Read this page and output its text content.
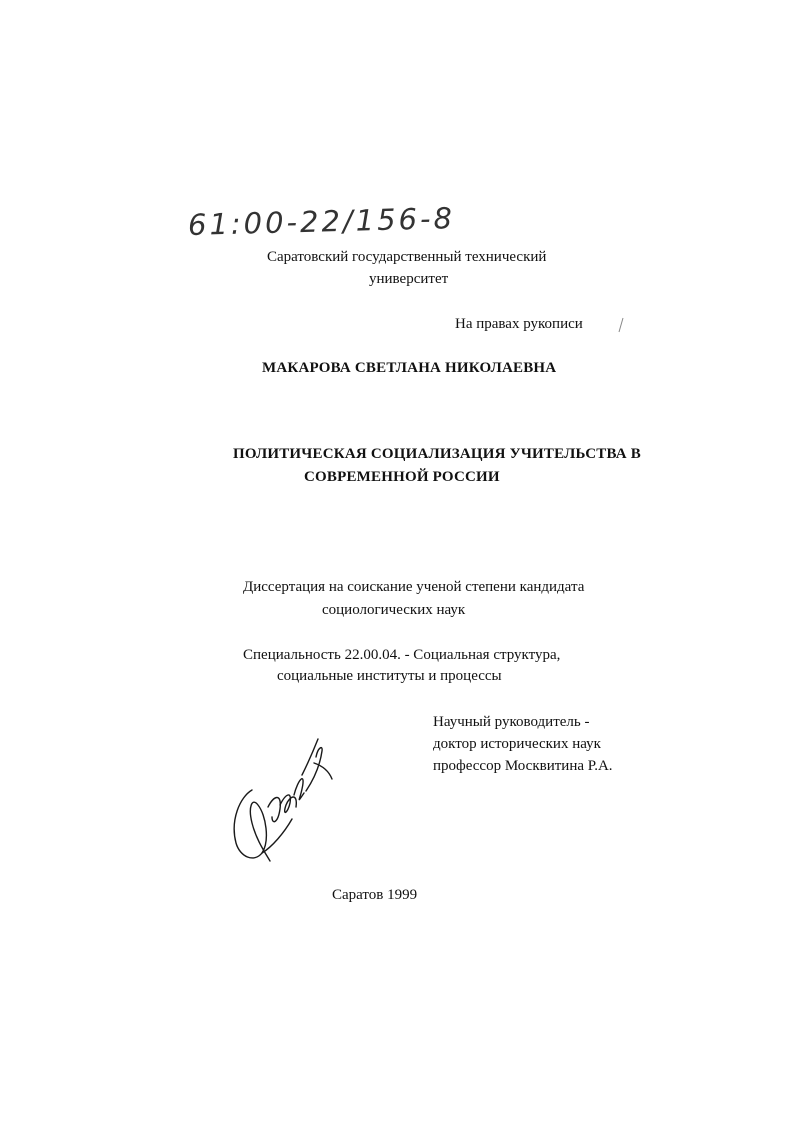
61:00-22/156-8
Саратовский государственный технический
университет
На правах рукописи
МАКАРОВА СВЕТЛАНА НИКОЛАЕВНА
ПОЛИТИЧЕСКАЯ СОЦИАЛИЗАЦИЯ УЧИТЕЛЬСТВА В
СОВРЕМЕННОЙ РОССИИ
Диссертация на соискание ученой степени кандидата
социологических наук
Специальность 22.00.04. - Социальная структура,
социальные институты и процессы
Научный руководитель -
доктор исторических наук
профессор Москвитина Р.А.
Саратов 1999
